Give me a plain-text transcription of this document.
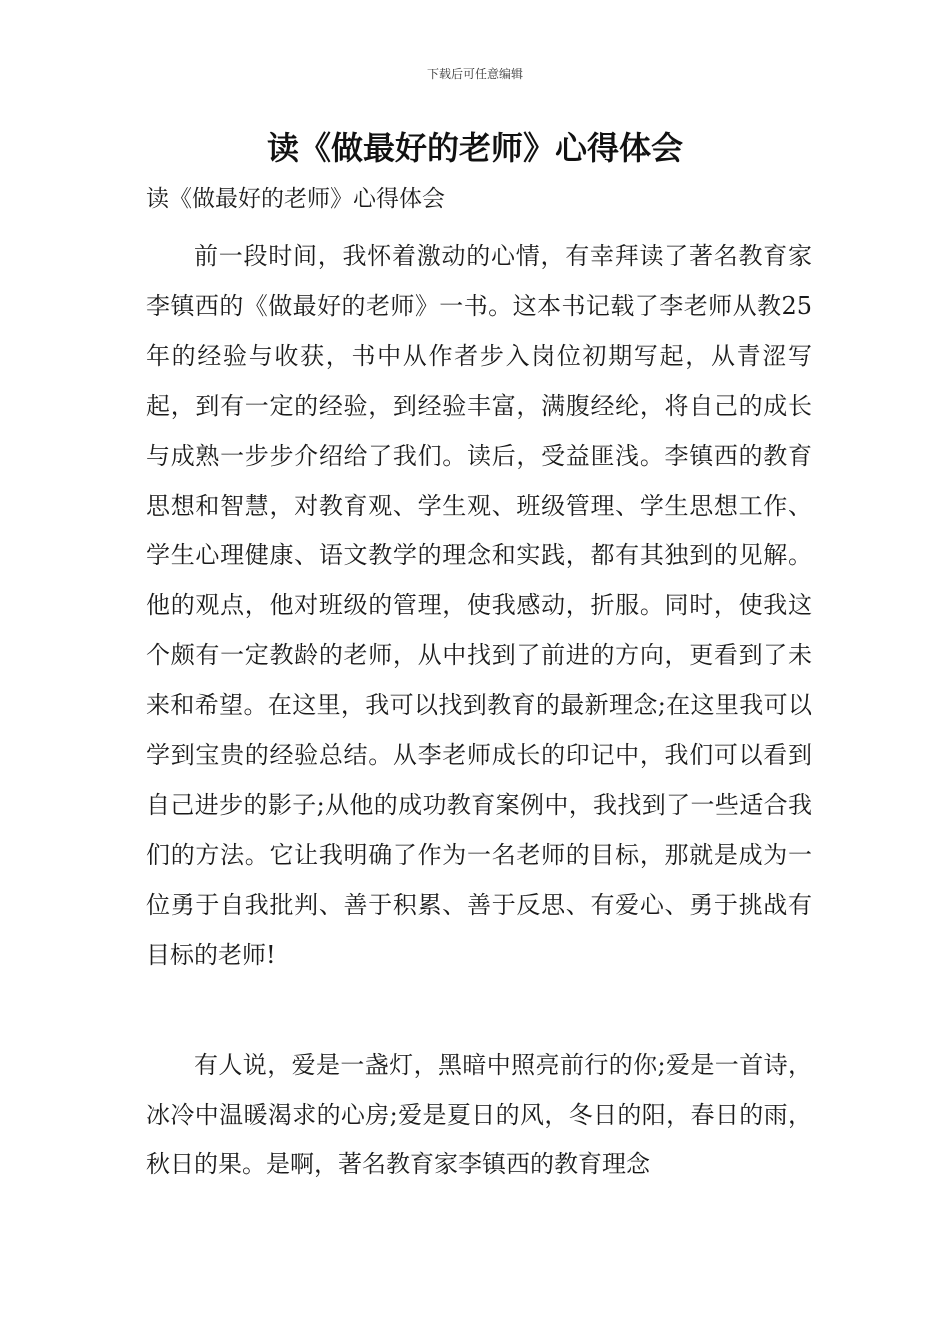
下载后可任意编辑
读《做最好的老师》心得体会

读《做最好的老师》心得体会

前一段时间，我怀着激动的心情，有幸拜读了著名教育家李镇西的《做最好的老师》一书。这本书记载了李老师从教25年的经验与收获，书中从作者步入岗位初期写起，从青涩写起，到有一定的经验，到经验丰富，满腹经纶，将自己的成长与成熟一步步介绍给了我们。读后，受益匪浅。李镇西的教育思想和智慧，对教育观、学生观、班级管理、学生思想工作、学生心理健康、语文教学的理念和实践，都有其独到的见解。他的观点，他对班级的管理，使我感动，折服。同时，使我这个颇有一定教龄的老师，从中找到了前进的方向，更看到了未来和希望。在这里，我可以找到教育的最新理念;在这里我可以学到宝贵的经验总结。从李老师成长的印记中，我们可以看到自己进步的影子;从他的成功教育案例中，我找到了一些适合我们的方法。它让我明确了作为一名老师的目标，那就是成为一位勇于自我批判、善于积累、善于反思、有爱心、勇于挑战有目标的老师!

有人说，爱是一盏灯，黑暗中照亮前行的你;爱是一首诗，冰冷中温暖渴求的心房;爱是夏日的风，冬日的阳，春日的雨，秋日的果。是啊，著名教育家李镇西的教育理念
